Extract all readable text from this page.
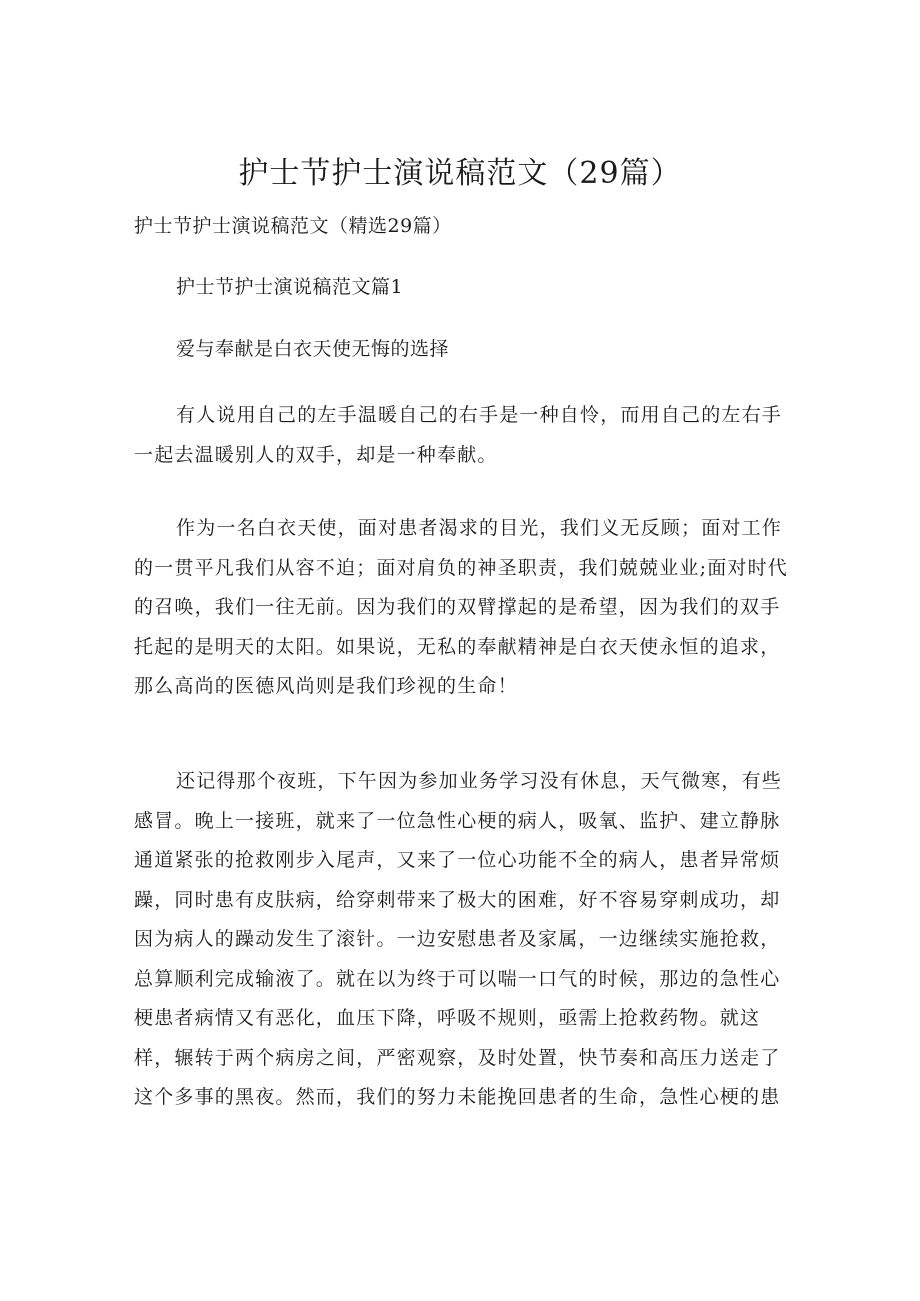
护士节护士演说稿范文（29篇）

护士节护士演说稿范文（精选29篇）

护士节护士演说稿范文篇1

爱与奉献是白衣天使无悔的选择

有人说用自己的左手温暖自己的右手是一种自怜，而用自己的左右手
一起去温暖别人的双手，却是一种奉献。
作为一名白衣天使，面对患者渴求的目光，我们义无反顾；面对工作
的一贯平凡我们从容不迫；面对肩负的神圣职责，我们兢兢业业;面对时代
的召唤，我们一往无前。因为我们的双臂撑起的是希望，因为我们的双手
托起的是明天的太阳。如果说，无私的奉献精神是白衣天使永恒的追求，
那么高尚的医德风尚则是我们珍视的生命！
还记得那个夜班，下午因为参加业务学习没有休息，天气微寒，有些
感冒。晚上一接班，就来了一位急性心梗的病人，吸氧、监护、建立静脉
通道紧张的抢救刚步入尾声，又来了一位心功能不全的病人，患者异常烦
躁，同时患有皮肤病，给穿刺带来了极大的困难，好不容易穿刺成功，却
因为病人的躁动发生了滚针。一边安慰患者及家属，一边继续实施抢救，
总算顺利完成输液了。就在以为终于可以喘一口气的时候，那边的急性心
梗患者病情又有恶化，血压下降，呼吸不规则，亟需上抢救药物。就这
样，辗转于两个病房之间，严密观察，及时处置，快节奏和高压力送走了
这个多事的黑夜。然而，我们的努力未能挽回患者的生命，急性心梗的患
